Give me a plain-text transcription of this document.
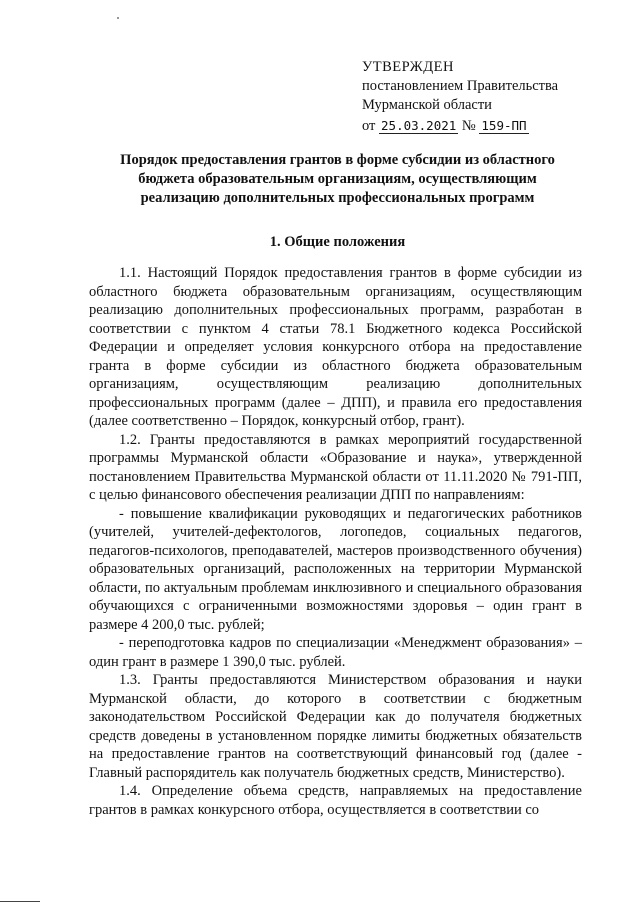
УТВЕРЖДЕН
постановлением Правительства
Мурманской области
от 25.03.2021 № 159-ПП
Порядок предоставления грантов в форме субсидии из областного бюджета образовательным организациям, осуществляющим реализацию дополнительных профессиональных программ
1. Общие положения

1.1. Настоящий Порядок предоставления грантов в форме субсидии из областного бюджета образовательным организациям, осуществляющим реализацию дополнительных профессиональных программ, разработан в соответствии с пунктом 4 статьи 78.1 Бюджетного кодекса Российской Федерации и определяет условия конкурсного отбора на предоставление гранта в форме субсидии из областного бюджета образовательным организациям, осуществляющим реализацию дополнительных профессиональных программ (далее – ДПП), и правила его предоставления (далее соответственно – Порядок, конкурсный отбор, грант).

1.2. Гранты предоставляются в рамках мероприятий государственной программы Мурманской области «Образование и наука», утвержденной постановлением Правительства Мурманской области от 11.11.2020 № 791-ПП, с целью финансового обеспечения реализации ДПП по направлениям:

- повышение квалификации руководящих и педагогических работников (учителей, учителей-дефектологов, логопедов, социальных педагогов, педагогов-психологов, преподавателей, мастеров производственного обучения) образовательных организаций, расположенных на территории Мурманской области, по актуальным проблемам инклюзивного и специального образования обучающихся с ограниченными возможностями здоровья – один грант в размере 4 200,0 тыс. рублей;

- переподготовка кадров по специализации «Менеджмент образования» – один грант в размере 1 390,0 тыс. рублей.

1.3. Гранты предоставляются Министерством образования и науки Мурманской области, до которого в соответствии с бюджетным законодательством Российской Федерации как до получателя бюджетных средств доведены в установленном порядке лимиты бюджетных обязательств на предоставление грантов на соответствующий финансовый год (далее - Главный распорядитель как получатель бюджетных средств, Министерство).

1.4. Определение объема средств, направляемых на предоставление грантов в рамках конкурсного отбора, осуществляется в соответствии со
